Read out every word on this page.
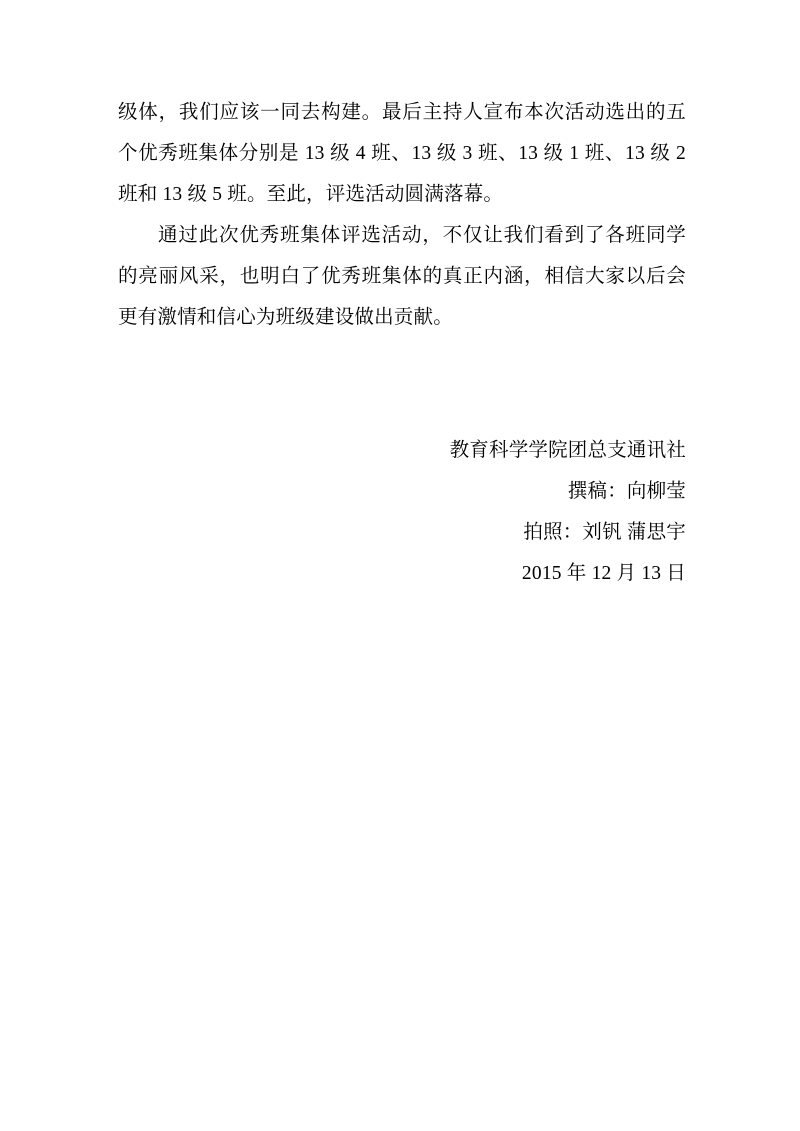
级体，我们应该一同去构建。最后主持人宣布本次活动选出的五个优秀班集体分别是 13 级 4 班、13 级 3 班、13 级 1 班、13 级 2 班和 13 级 5 班。至此，评选活动圆满落幕。

通过此次优秀班集体评选活动，不仅让我们看到了各班同学的亮丽风采，也明白了优秀班集体的真正内涵，相信大家以后会更有激情和信心为班级建设做出贡献。

教育科学学院团总支通讯社
撰稿：向柳莹
拍照：刘钒 蒲思宇
2015 年 12 月 13 日
